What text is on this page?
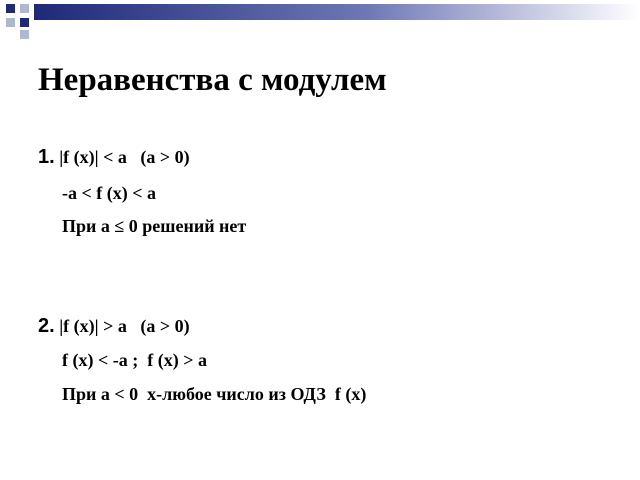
Неравенства с модулем
1. |f (x)| < a   (a > 0)
-a < f (x) < a
При a ≤ 0 решений нет
2. |f (x)| > a   (a > 0)
f (x) < -a ;  f (x) > a
При a < 0  x-любое число из ОДЗ  f (x)
